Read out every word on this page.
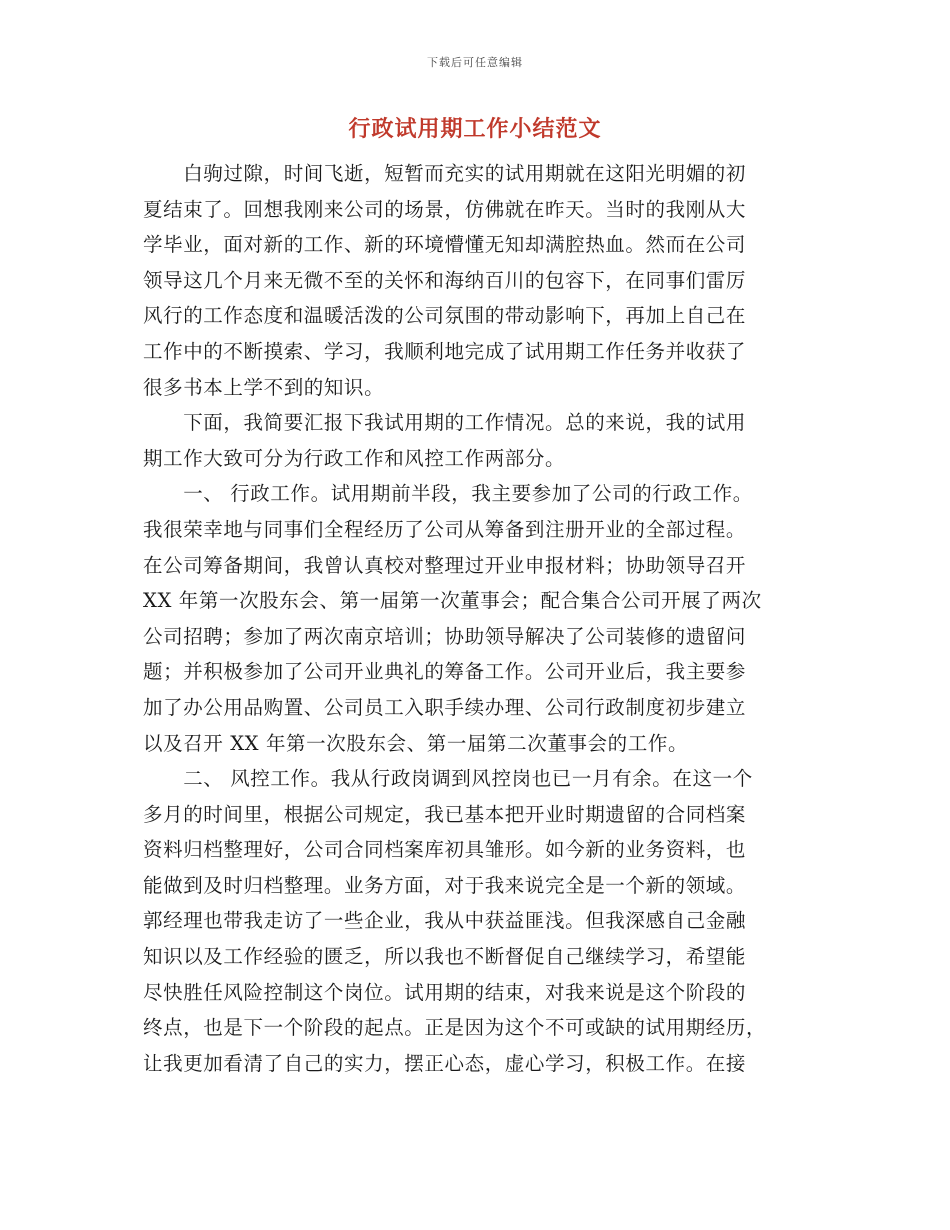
下载后可任意编辑
行政试用期工作小结范文
　　白驹过隙，时间飞逝，短暂而充实的试用期就在这阳光明媚的初
夏结束了。回想我刚来公司的场景，仿佛就在昨天。当时的我刚从大
学毕业，面对新的工作、新的环境懵懂无知却满腔热血。然而在公司
领导这几个月来无微不至的关怀和海纳百川的包容下，在同事们雷厉
风行的工作态度和温暖活泼的公司氛围的带动影响下，再加上自己在
工作中的不断摸索、学习，我顺利地完成了试用期工作任务并收获了
很多书本上学不到的知识。
　　下面，我简要汇报下我试用期的工作情况。总的来说，我的试用
期工作大致可分为行政工作和风控工作两部分。
　　一、 行政工作。试用期前半段，我主要参加了公司的行政工作。
我很荣幸地与同事们全程经历了公司从筹备到注册开业的全部过程。
在公司筹备期间，我曾认真校对整理过开业申报材料；协助领导召开
XX 年第一次股东会、第一届第一次董事会；配合集合公司开展了两次
公司招聘；参加了两次南京培训；协助领导解决了公司装修的遗留问
题；并积极参加了公司开业典礼的筹备工作。公司开业后，我主要参
加了办公用品购置、公司员工入职手续办理、公司行政制度初步建立
以及召开 XX 年第一次股东会、第一届第二次董事会的工作。
　　二、 风控工作。我从行政岗调到风控岗也已一月有余。在这一个
多月的时间里，根据公司规定，我已基本把开业时期遗留的合同档案
资料归档整理好，公司合同档案库初具雏形。如今新的业务资料，也
能做到及时归档整理。业务方面，对于我来说完全是一个新的领域。
郭经理也带我走访了一些企业，我从中获益匪浅。但我深感自己金融
知识以及工作经验的匮乏，所以我也不断督促自己继续学习，希望能
尽快胜任风险控制这个岗位。试用期的结束，对我来说是这个阶段的
终点，也是下一个阶段的起点。正是因为这个不可或缺的试用期经历，
让我更加看清了自己的实力，摆正心态，虚心学习，积极工作。在接
